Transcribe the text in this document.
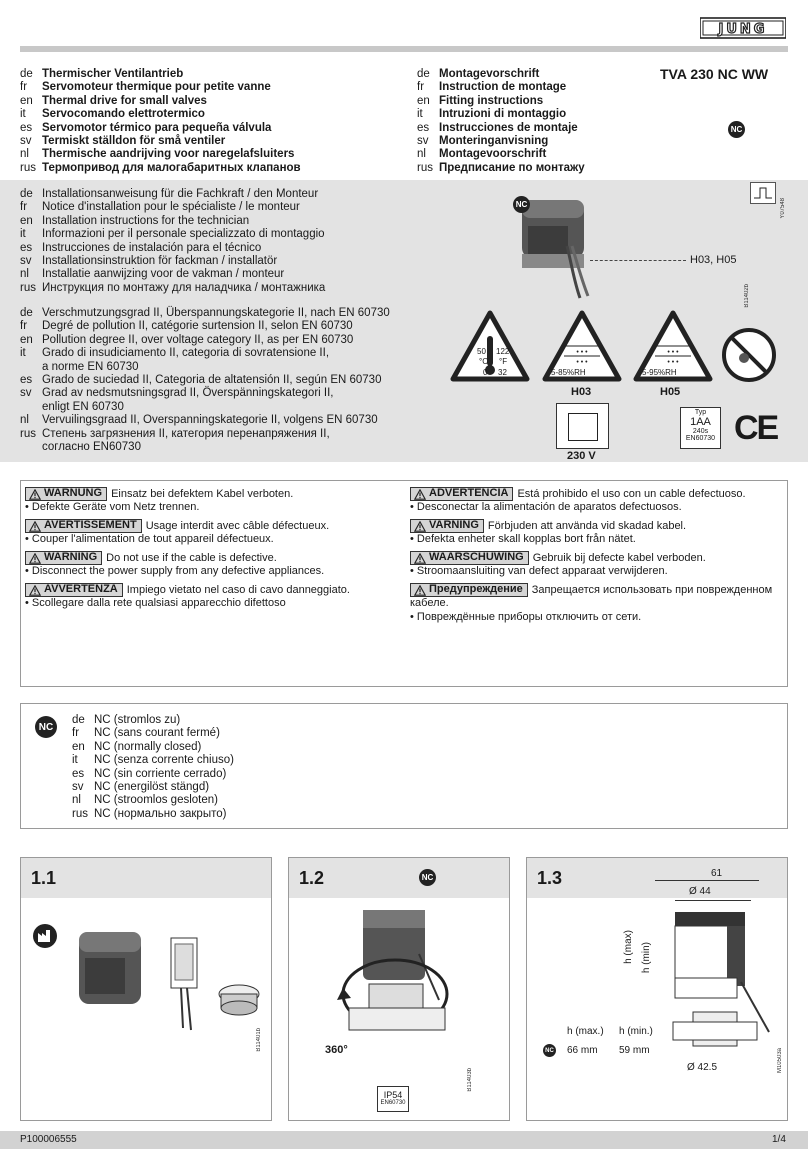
JUNG
de Thermischer Ventilantrieb
fr	Servomoteur thermique pour petite vanne
en Thermal drive for small valves
it	Servocomando elettrotermico
es Servomotor térmico para pequeña válvula
sv Termiskt ställdon för små ventiler
nl	Thermische aandrijving voor naregelafsluiters
rus Термопривод для малогабаритных клапанов
de Montagevorschrift
fr	Instruction de montage
en Fitting instructions
it	Intruzioni di montaggio
es Instrucciones de montaje
sv Monteringanvisning
nl	Montagevoorschrift
rus Предписание по монтажу
TVA 230 NC WW
NC
de Installationsanweisung für die Fachkraft / den Monteur
fr	Notice d'installation pour le spécialiste / le monteur
en Installation instructions for the technician
it	Informazioni per il personale specializzato di montaggio
es Instrucciones de instalación para el técnico
sv Installationsinstruktion för fackman / installatör
nl	Installatie aanwijzing voor de vakman / monteur
rus Инструкция по монтажу для наладчика / монтажника
de Verschmutzungsgrad II, Überspannungskategorie II, nach EN 60730
fr	Degré de pollution II, catégorie surtension II, selon EN 60730
en Pollution degree II, over voltage category II, as per EN 60730
it	Grado di insudiciamento II, categoria di sovratensione II,
a norme EN 60730
es Grado de suciedad II, Categoria de altatensión II, según EN 60730
sv Grad av nedsmutsningsgrad II, Överspänningskategori II,
enligt EN 60730
nl	Vervuilingsgraad II, Overspanningskategorie II, volgens EN 60730
rus Степень загрязнения II, категория перенапряжения II,
согласно EN60730
NC
H03, H05
Y07548
B11402b
50
°C
0
122
°F
32
• • •
• • •
5-85%RH
• • •
• • •
5-95%RH
H03	H05
230 V
Typ
1AA
240s
EN60730 CE
WARNUNG Einsatz bei defektem Kabel verboten.
• Defekte Geräte vom Netz trennen.
AVERTISSEMENT Usage interdit avec câble défectueux.
• Couper l'alimentation de tout appareil défectueux.
WARNING Do not use if the cable is defective.
• Disconnect the power supply from any defective appliances.
AVVERTENZA Impiego vietato nel caso di cavo danneggiato.
• Scollegare dalla rete qualsiasi apparecchio difettoso
ADVERTENCIA Está prohibido el uso con un cable defectuoso.
• Desconectar la alimentación de aparatos defectuosos.
VARNING Förbjuden att använda vid skadad kabel.
• Defekta enheter skall kopplas bort från nätet.
WAARSCHUWING Gebruik bij defecte kabel verboden.
• Stroomaansluiting van defect apparaat verwijderen.
Предупреждение Запрещается использовать при поврежденном кабеле.
• Повреждённые приборы отключить от сети.
NC
de NC (stromlos zu)
fr	NC (sans courant fermé)
en NC (normally closed)
it	NC (senza corrente chiuso)
es NC (sin corriente cerrado)
sv NC (energilöst stängd)
nl	NC (stroomlos gesloten)
rus NC (нормально закрыто)
1.1
B11401b
1.2	NC
360°
IP54
EN60730
B11403b
1.3	61
Ø 44
h (max) h (min)
h (max.) h (min.)
NC 66 mm 59 mm
Ø 42.5	M10503a
P100006555	1/4
